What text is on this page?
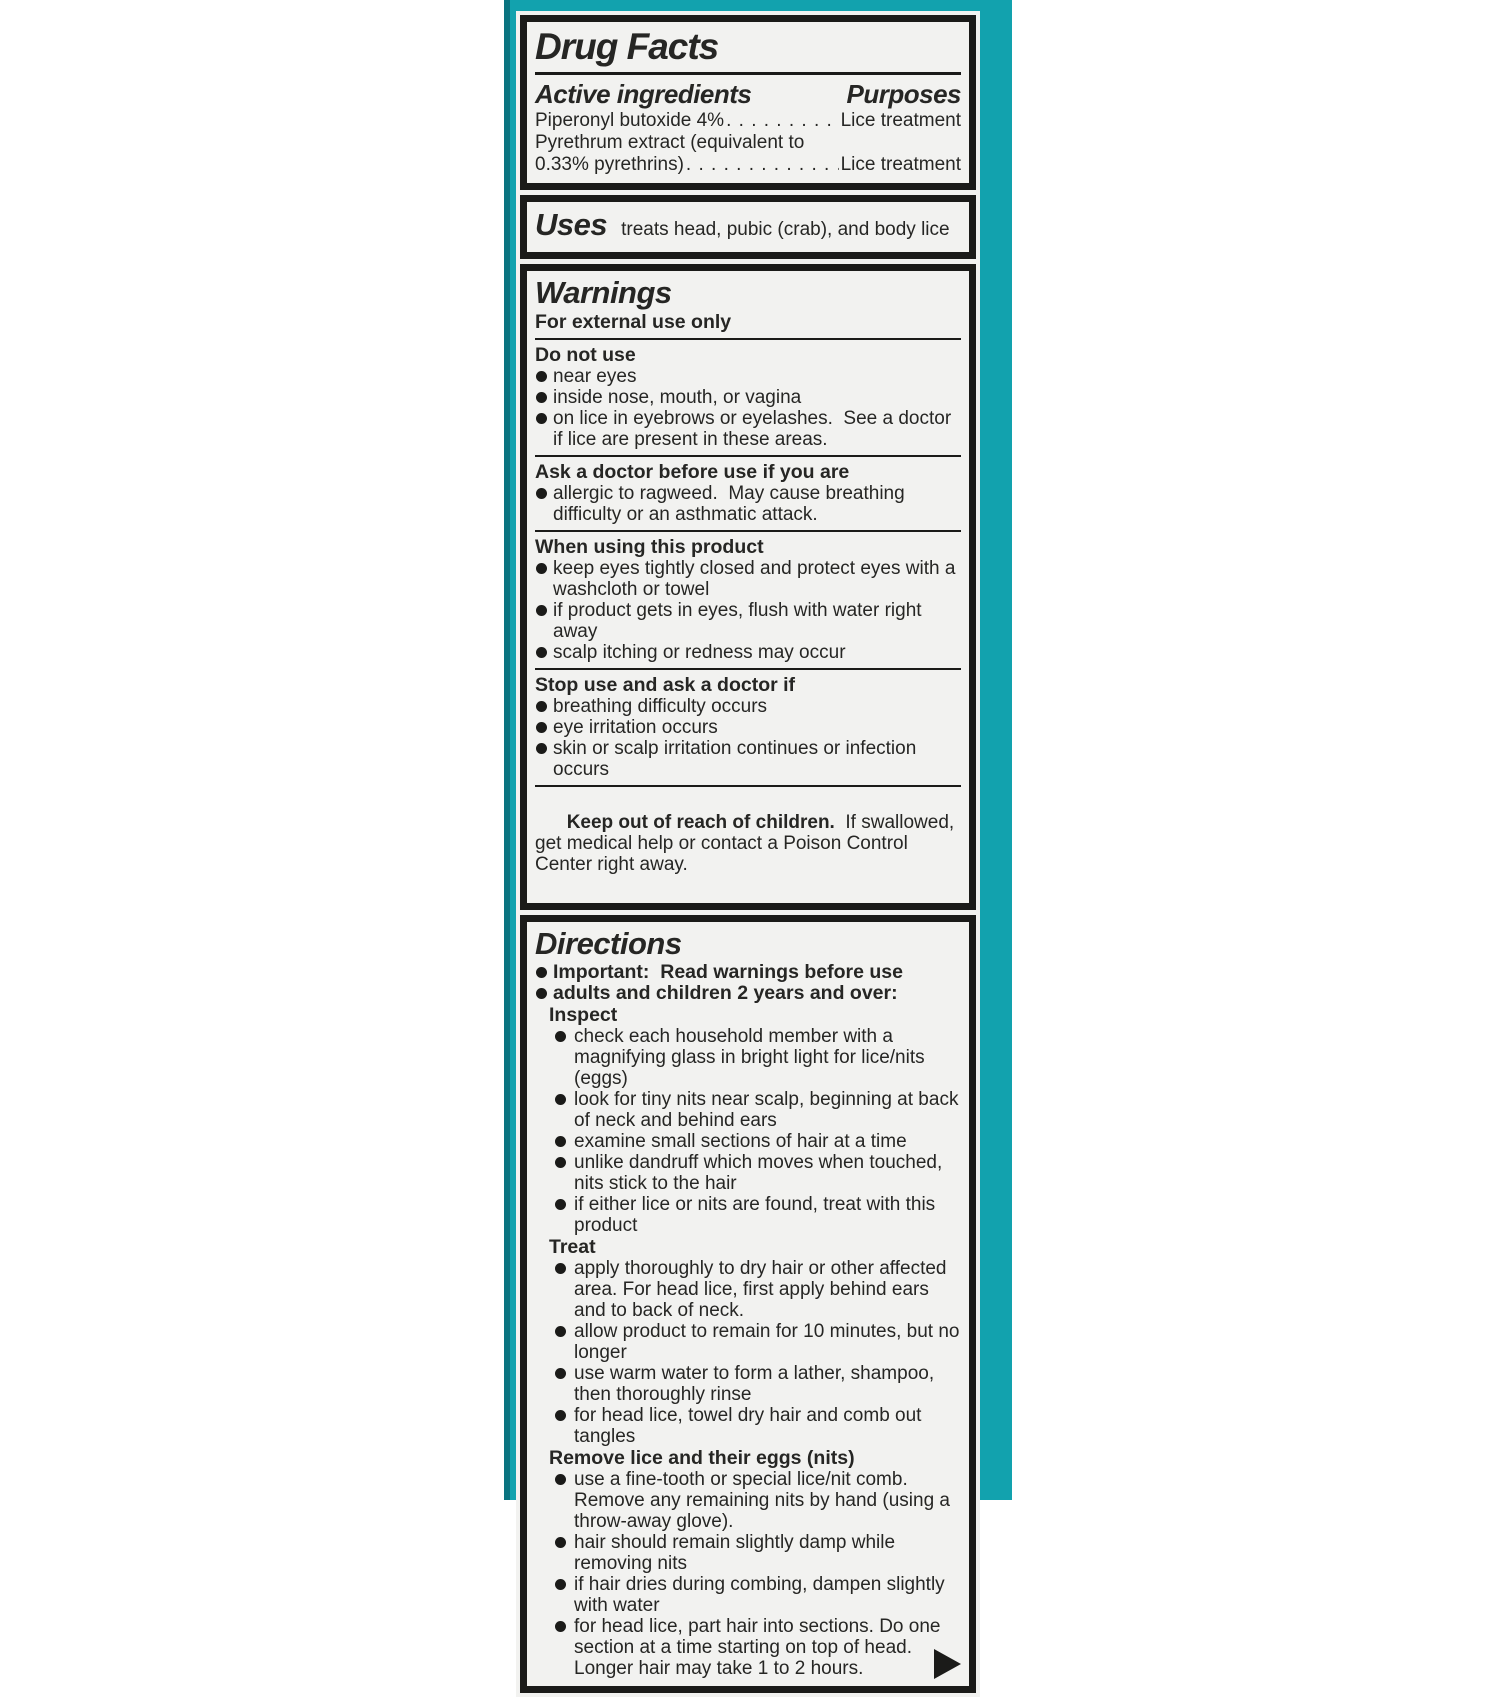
Drug Facts
Active ingredients	Purposes
Piperonyl butoxide 4% . . .	Lice treatment
Pyrethrum extract (equivalent to
0.33% pyrethrins) . . .	Lice treatment
Uses treats head, pubic (crab), and body lice
Warnings
For external use only
Do not use
near eyes
inside nose, mouth, or vagina
on lice in eyebrows or eyelashes.  See a doctor if lice are present in these areas.
Ask a doctor before use if you are
allergic to ragweed.  May cause breathing difficulty or an asthmatic attack.
When using this product
keep eyes tightly closed and protect eyes with a washcloth or towel
if product gets in eyes, flush with water right away
scalp itching or redness may occur
Stop use and ask a doctor if
breathing difficulty occurs
eye irritation occurs
skin or scalp irritation continues or infection occurs

Keep out of reach of children.  If swallowed, get medical help or contact a Poison Control Center right away.

Directions
Important:  Read warnings before use
adults and children 2 years and over:
Inspect
check each household member with a magnifying glass in bright light for lice/nits (eggs)
look for tiny nits near scalp, beginning at back of neck and behind ears
examine small sections of hair at a time
unlike dandruff which moves when touched, nits stick to the hair
if either lice or nits are found, treat with this product
Treat
apply thoroughly to dry hair or other affected area. For head lice, first apply behind ears and to back of neck.
allow product to remain for 10 minutes, but no longer
use warm water to form a lather, shampoo, then thoroughly rinse
for head lice, towel dry hair and comb out tangles
Remove lice and their eggs (nits)
use a fine-tooth or special lice/nit comb.  Remove any remaining nits by hand (using a throw-away glove).
hair should remain slightly damp while removing nits
if hair dries during combing, dampen slightly with water
for head lice, part hair into sections. Do one section at a time starting on top of head.  Longer hair may take 1 to 2 hours.
